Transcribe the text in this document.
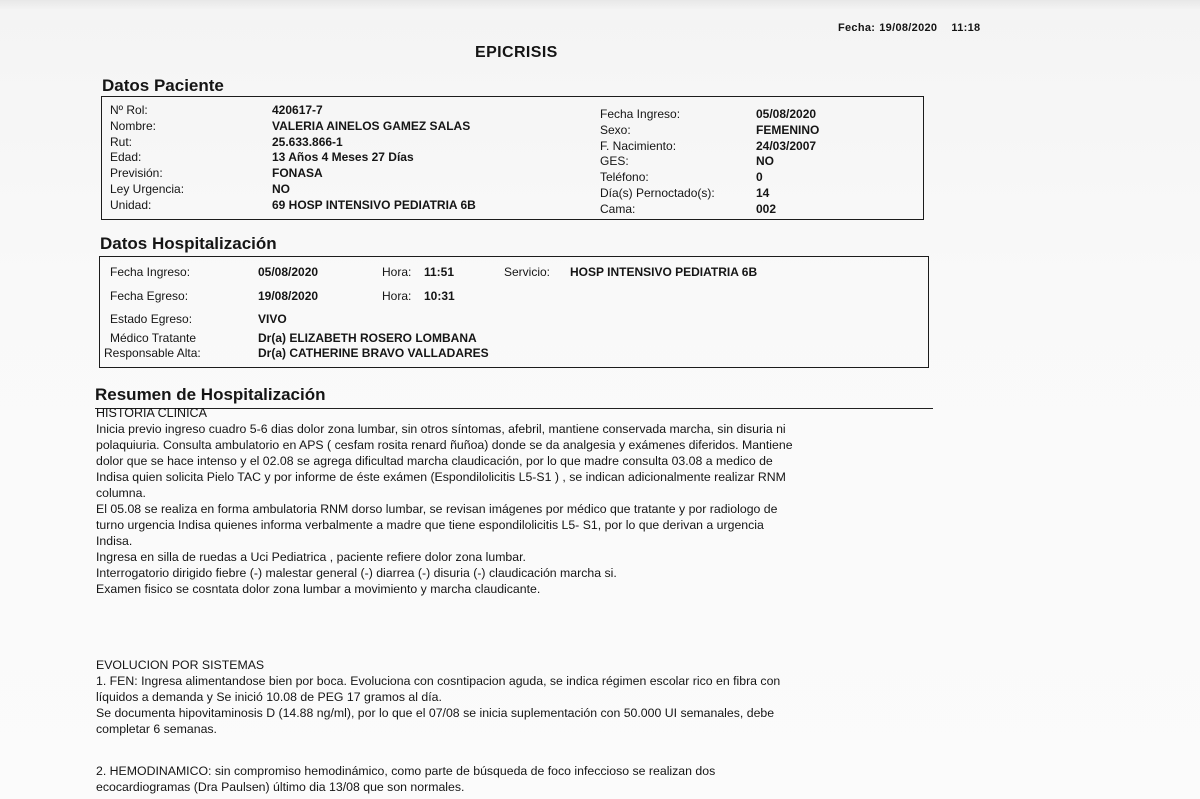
Fecha: 19/08/2020 11:18
EPICRISIS
Datos Paciente
Nº Rol:	420617-7
Nombre:	VALERIA AINELOS GAMEZ SALAS
Rut:	25.633.866-1
Edad:	13 Años 4 Meses 27 Días
Previsión:	FONASA
Ley Urgencia:	NO
Unidad:	69 HOSP INTENSIVO PEDIATRIA 6B
Fecha Ingreso:	05/08/2020
Sexo:	FEMENINO
F. Nacimiento:	24/03/2007
GES:	NO
Teléfono:	0
Día(s) Pernoctado(s):	14
Cama:	002
Datos Hospitalización
Fecha Ingreso:	05/08/2020	Hora: 11:51	Servicio: HOSP INTENSIVO PEDIATRIA 6B
Fecha Egreso:	19/08/2020	Hora: 10:31
Estado Egreso:	VIVO
Médico Tratante	Dr(a) ELIZABETH ROSERO LOMBANA
Responsable Alta:	Dr(a) CATHERINE BRAVO VALLADARES
Resumen de Hospitalización
HISTORIA CLINICA

Inicia previo ingreso cuadro 5-6 dias dolor zona lumbar, sin otros síntomas, afebril, mantiene conservada marcha, sin disuria ni

polaquiuria. Consulta ambulatorio en APS ( cesfam rosita renard ñuñoa) donde se da analgesia y exámenes diferidos. Mantiene

dolor que se hace intenso y el 02.08 se agrega dificultad marcha claudicación, por lo que madre consulta 03.08 a medico de

Indisa quien solicita Pielo TAC y por informe de éste exámen (Espondilolicitis L5-S1 ) , se indican adicionalmente realizar RNM

columna.

El 05.08 se realiza en forma ambulatoria RNM dorso lumbar, se revisan imágenes por médico que tratante y por radiologo de

turno urgencia Indisa quienes informa verbalmente a madre que tiene espondilolicitis L5- S1, por lo que derivan a urgencia

Indisa.

Ingresa en silla de ruedas a Uci Pediatrica , paciente refiere dolor zona lumbar.

Interrogatorio dirigido fiebre (-) malestar general (-) diarrea (-) disuria (-) claudicación marcha si.

Examen fisico se cosntata dolor zona lumbar a movimiento y marcha claudicante.

EVOLUCION POR SISTEMAS

1. FEN: Ingresa alimentandose bien por boca. Evoluciona con cosntipacion aguda, se indica régimen escolar rico en fibra con

líquidos a demanda y Se inició 10.08 de PEG 17 gramos al día.

Se documenta hipovitaminosis D (14.88 ng/ml), por lo que el 07/08 se inicia suplementación con 50.000 UI semanales, debe

completar 6 semanas.

2. HEMODINAMICO: sin compromiso hemodinámico, como parte de búsqueda de foco infeccioso se realizan dos

ecocardiogramas (Dra Paulsen) último dia 13/08 que son normales.
